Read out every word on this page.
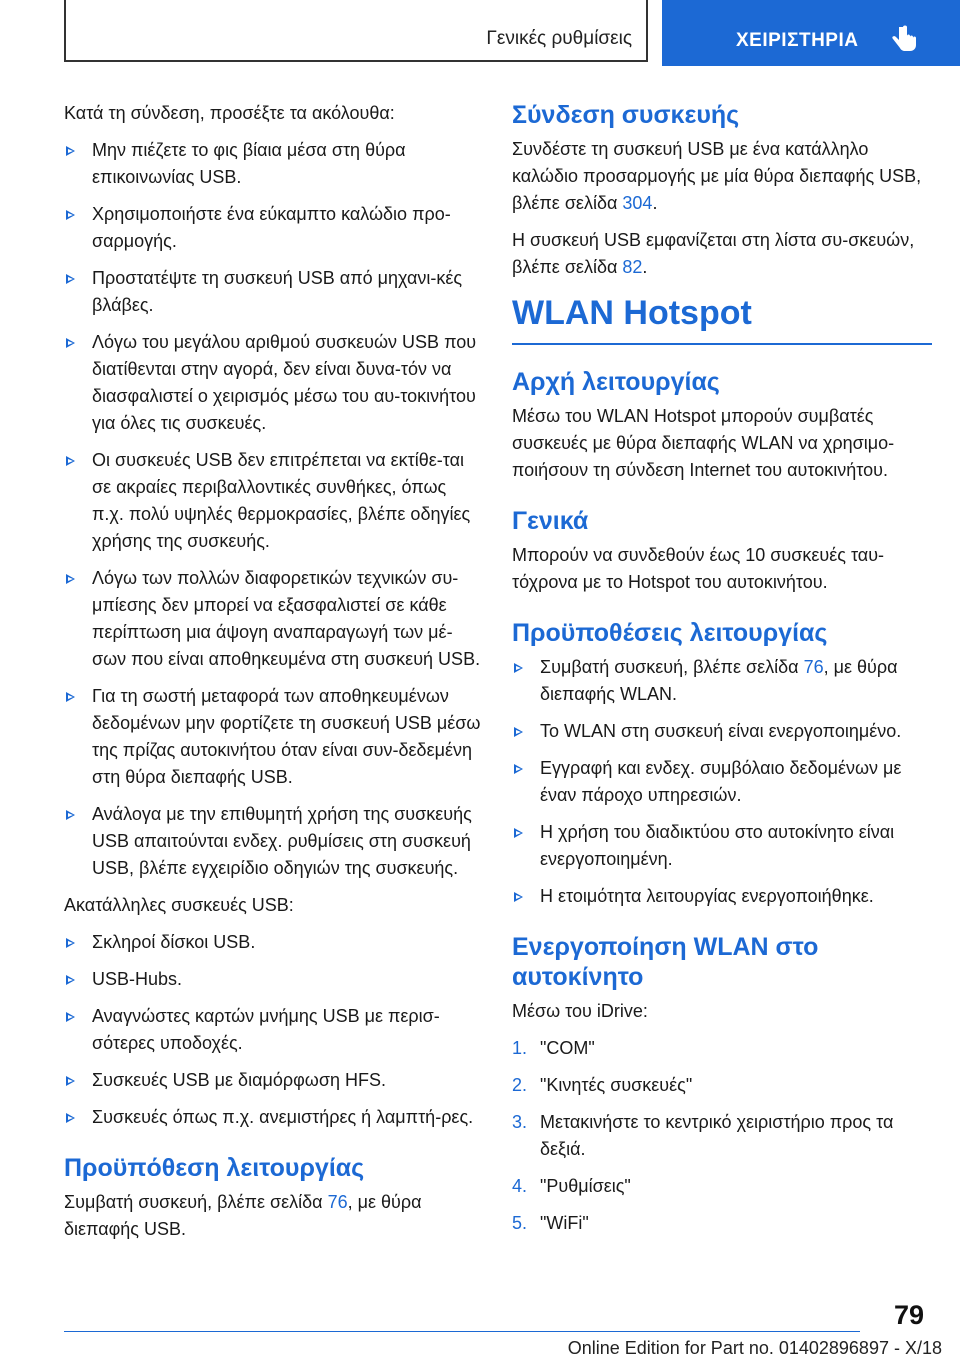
Γενικές ρυθμίσεις	ΧΕΙΡΙΣΤΗΡΙΑ

Κατά τη σύνδεση, προσέξτε τα ακόλουθα:

Μην πιέζετε το φις βίαια μέσα στη θύρα επικοινωνίας USB.
Χρησιμοποιήστε ένα εύκαμπτο καλώδιο προ-σαρμογής.
Προστατέψτε τη συσκευή USB από μηχανι-κές βλάβες.
Λόγω του μεγάλου αριθμού συσκευών USB που διατίθενται στην αγορά, δεν είναι δυνα-τόν να διασφαλιστεί ο χειρισμός μέσω του αυ-τοκινήτου για όλες τις συσκευές.
Οι συσκευές USB δεν επιτρέπεται να εκτίθε-ται σε ακραίες περιβαλλοντικές συνθήκες, όπως π.χ. πολύ υψηλές θερμοκρασίες, βλέπε οδηγίες χρήσης της συσκευής.
Λόγω των πολλών διαφορετικών τεχνικών συ-μπίεσης δεν μπορεί να εξασφαλιστεί σε κάθε περίπτωση μια άψογη αναπαραγωγή των μέ-σων που είναι αποθηκευμένα στη συσκευή USB.
Για τη σωστή μεταφορά των αποθηκευμένων δεδομένων μην φορτίζετε τη συσκευή USB μέσω της πρίζας αυτοκινήτου όταν είναι συν-δεδεμένη στη θύρα διεπαφής USB.
Ανάλογα με την επιθυμητή χρήση της συσκευής USB απαιτούνται ενδεχ. ρυθμίσεις στη συσκευή USB, βλέπε εγχειρίδιο οδηγιών της συσκευής.

Ακατάλληλες συσκευές USB:

Σκληροί δίσκοι USB.
USB-Hubs.
Αναγνώστες καρτών μνήμης USB με περισ-σότερες υποδοχές.
Συσκευές USB με διαμόρφωση HFS.
Συσκευές όπως π.χ. ανεμιστήρες ή λαμπτή-ρες.
Προϋπόθεση λειτουργίας

Συμβατή συσκευή, βλέπε σελίδα 76, με θύρα διεπαφής USB.

Σύνδεση συσκευής

Συνδέστε τη συσκευή USB με ένα κατάλληλο καλώδιο προσαρμογής με μία θύρα διεπαφής USB, βλέπε σελίδα 304.

Η συσκευή USB εμφανίζεται στη λίστα συ-σκευών, βλέπε σελίδα 82.

WLAN Hotspot
Αρχή λειτουργίας

Μέσω του WLAN Hotspot μπορούν συμβατές συσκευές με θύρα διεπαφής WLAN να χρησιμο-ποιήσουν τη σύνδεση Internet του αυτοκινήτου.

Γενικά

Μπορούν να συνδεθούν έως 10 συσκευές ταυ-τόχρονα με το Hotspot του αυτοκινήτου.

Προϋποθέσεις λειτουργίας
Συμβατή συσκευή, βλέπε σελίδα 76, με θύρα διεπαφής WLAN.
Το WLAN στη συσκευή είναι ενεργοποιημένο.
Εγγραφή και ενδεχ. συμβόλαιο δεδομένων με έναν πάροχο υπηρεσιών.
Η χρήση του διαδικτύου στο αυτοκίνητο είναι ενεργοποιημένη.
Η ετοιμότητα λειτουργίας ενεργοποιήθηκε.
Ενεργοποίηση WLAN στο αυτοκίνητο

Μέσω του iDrive:

1. "COM"
2. "Κινητές συσκευές"
3. Μετακινήστε το κεντρικό χειριστήριο προς τα δεξιά.
4. "Ρυθμίσεις"
5. "WiFi"
79
Online Edition for Part no. 01402896897 - X/18
